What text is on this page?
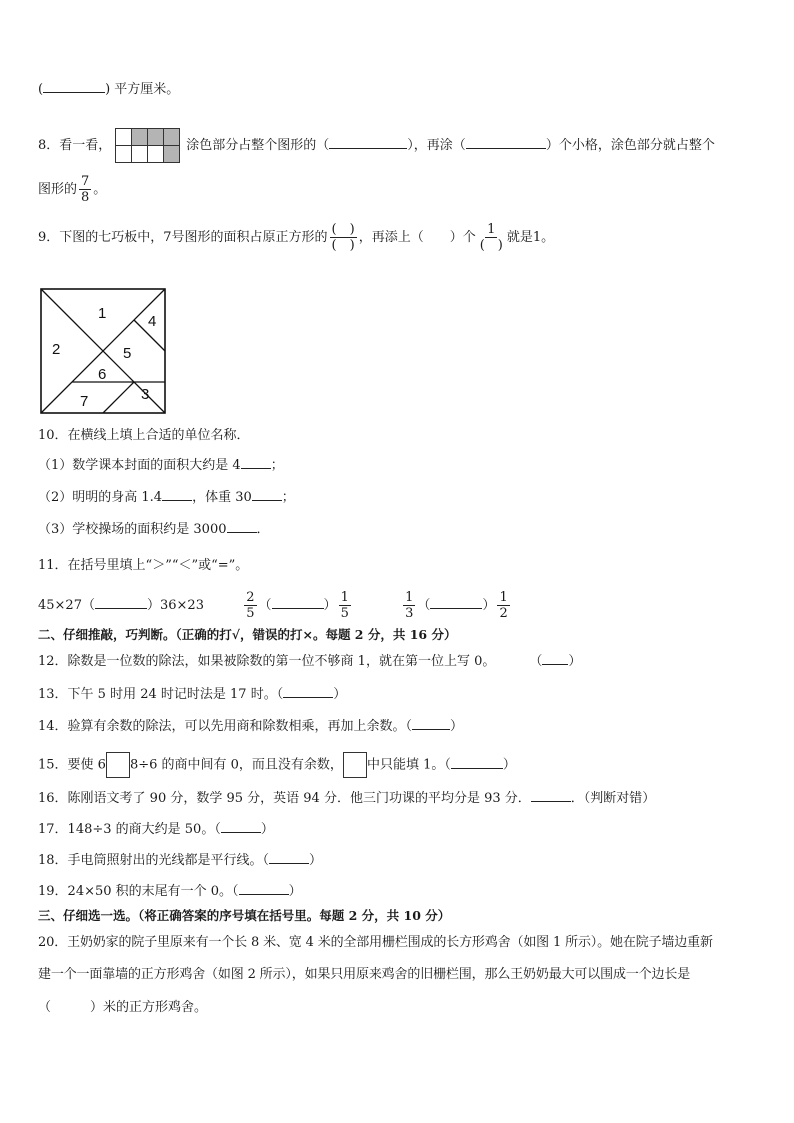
(	) 平方厘米。
8．看一看，	涂色部分占整个图形的（	），再涂（	）个小格，涂色部分就占整个
图形的 $\frac{7}{8}$ 。
9．下图的七巧板中，7号图形的面积占原正方形的 $\frac{( )}{( )}$ ，再添上（　　）个 $\frac{1}{( )}$ 就是1。
1
2
4
5
6
7	3
10．在横线上填上合适的单位名称．
（1）数学课本封面的面积大约是 4 ；
（2）明明的身高 1.4 ，体重 30 ；
（3）学校操场的面积约是 3000 ．
11．在括号里填上“＞”“＜”或“=”。
45×27（	）36×23	$\frac{2}{5}$ （	） $\frac{1}{5}$
	$\frac{1}{3}$ （	） $\frac{1}{2}$
二、仔细推敲，巧判断。（正确的打√，错误的打×。每题 2 分，共 16 分）
12．除数是一位数的除法，如果被除数的第一位不够商 1，就在第一位上写 0。	（ ）
13．下午 5 时用 24 时记时法是 17 时。（	）
14．验算有余数的除法，可以先用商和除数相乘，再加上余数。（	）
15．要使 6 8÷6 的商中间有 0，而且没有余数， 中只能填 1。（	）
16．陈刚语文考了 90 分，数学 95 分，英语 94 分．他三门功课的平均分是 93 分．	．（判断对错）
17．148÷3 的商大约是 50。（	）
18．手电筒照射出的光线都是平行线。（	）
19．24×50 积的末尾有一个 0。（	）
三、仔细选一选。（将正确答案的序号填在括号里。每题 2 分，共 10 分）
20．王奶奶家的院子里原来有一个长 8 米、宽 4 米的全部用栅栏围成的长方形鸡舍（如图 1 所示）。她在院子墙边重新
建一个一面靠墙的正方形鸡舍（如图 2 所示），如果只用原来鸡舍的旧栅栏围，那么王奶奶最大可以围成一个边长是
（　　　）米的正方形鸡舍。
